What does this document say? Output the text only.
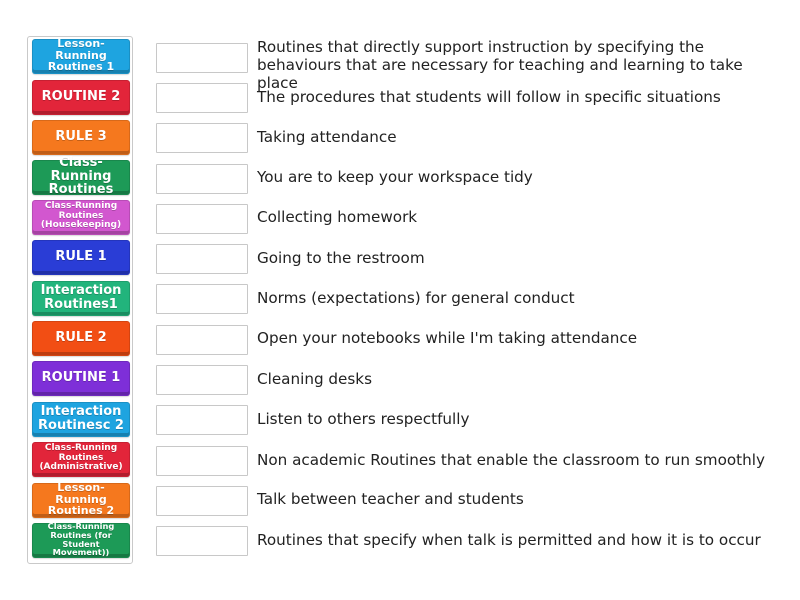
Lesson- Running Routines 1
ROUTINE 2
RULE 3
Class-Running Routines
Class-Running Routines (Housekeeping)
RULE 1
Interaction Routines1
RULE 2
ROUTINE 1
Interaction Routinesc 2
Class-Running Routines (Administrative)
Lesson- Running Routines 2
Class-Running Routines (for Student Movement))
Routines that directly support instruction by specifying the
behaviours that are necessary for teaching and learning to take place
The procedures that students will follow in specific situations
Taking attendance
You are to keep your workspace tidy
Collecting homework
Going to the restroom
Norms (expectations) for general conduct
Open your notebooks while I'm taking attendance
Cleaning desks
Listen to others respectfully
Non academic Routines that enable the classroom to run smoothly
Talk between teacher and students
Routines that specify when talk is permitted and how it is to occur
